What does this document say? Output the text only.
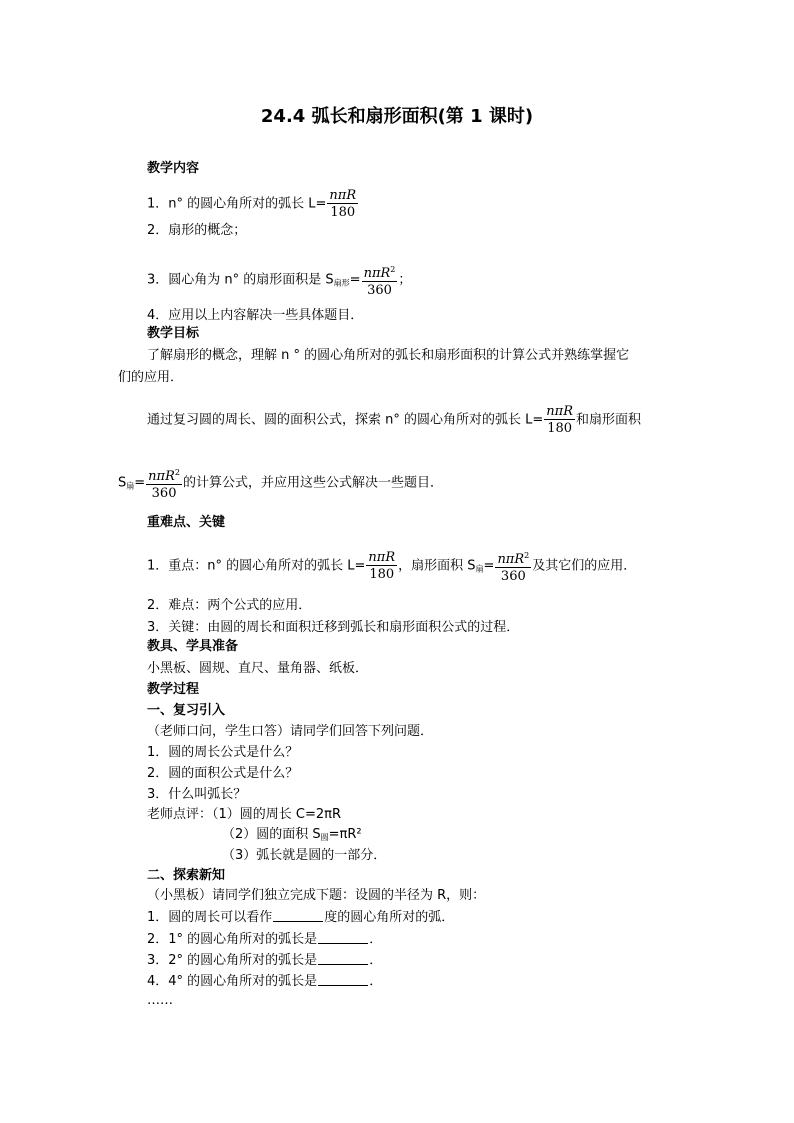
24.4 弧长和扇形面积(第 1 课时)
教学内容
1．n° 的圆心角所对的弧长 $L= \frac{\text{nπR}}{180}$
2．扇形的概念；
3．圆心角为 n° 的扇形面积是 $S_{扇形}= \frac{n\pi R^2}{360}$ ；
4．应用以上内容解决一些具体题目．
教学目标
了解扇形的概念，理解 n ° 的圆心角所对的弧长和扇形面积的计算公式并熟练掌握它
们的应用．
通过复习圆的周长、圆的面积公式，探索 n° 的圆心角所对的弧长 $L= \frac{\text{nπR}}{180}$ 和扇形面积
$S_扇= \frac{n\pi R^2}{360}$ 的计算公式，并应用这些公式解决一些题目．
重难点、关键
1．重点：n° 的圆心角所对的弧长 $L= \frac{\text{nπR}}{180}$ ，扇形面积 $S_扇= \frac{n\pi R^2}{360}$ 及其它们的应用．
2．难点：两个公式的应用．
3．关键：由圆的周长和面积迁移到弧长和扇形面积公式的过程．
教具、学具准备
小黑板、圆规、直尺、量角器、纸板．
教学过程
一、复习引入
（老师口问，学生口答）请同学们回答下列问题．
1．圆的周长公式是什么？
2．圆的面积公式是什么？
3．什么叫弧长？
老师点评：（1）圆的周长 C=2πR
（2）圆的面积 $S_圆=\pi R^2$
（3）弧长就是圆的一部分．
二、探索新知
（小黑板）请同学们独立完成下题：设圆的半径为 R，则：
1．圆的周长可以看作	度的圆心角所对的弧．
2．1° 的圆心角所对的弧长是	．
3．2° 的圆心角所对的弧长是	．
4．4° 的圆心角所对的弧长是	．
……
